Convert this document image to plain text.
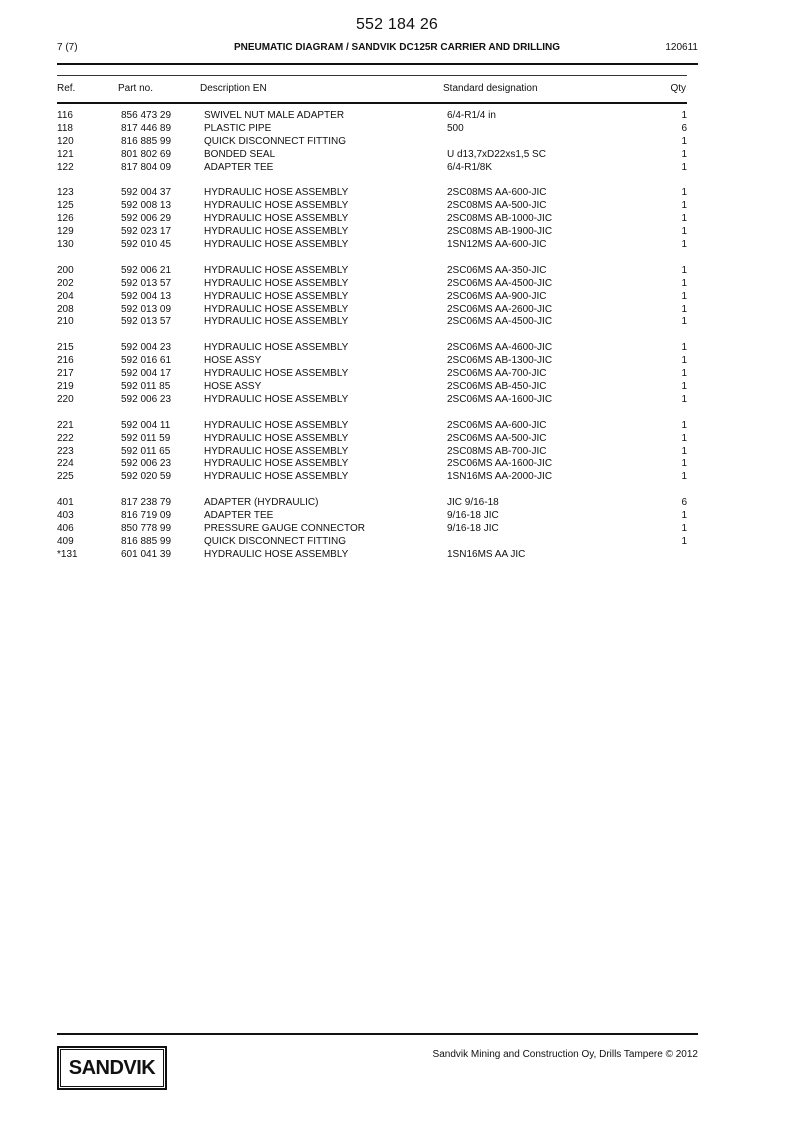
552 184 26
7 (7)	PNEUMATIC DIAGRAM / SANDVIK DC125R CARRIER AND DRILLING	120611
Ref.	Part no.	Description EN	Standard designation	Qty
116	856 473 29	SWIVEL NUT MALE ADAPTER	6/4-R1/4 in	1
118	817 446 89	PLASTIC PIPE	500	6
120	816 885 99	QUICK DISCONNECT FITTING		1
121	801 802 69	BONDED SEAL	U d13,7xD22xs1,5 SC	1
122	817 804 09	ADAPTER TEE	6/4-R1/8K	1

123	592 004 37	HYDRAULIC HOSE ASSEMBLY	2SC08MS AA-600-JIC	1
125	592 008 13	HYDRAULIC HOSE ASSEMBLY	2SC08MS AA-500-JIC	1
126	592 006 29	HYDRAULIC HOSE ASSEMBLY	2SC08MS AB-1000-JIC	1
129	592 023 17	HYDRAULIC HOSE ASSEMBLY	2SC08MS AB-1900-JIC	1
130	592 010 45	HYDRAULIC HOSE ASSEMBLY	1SN12MS AA-600-JIC	1

200	592 006 21	HYDRAULIC HOSE ASSEMBLY	2SC06MS AA-350-JIC	1
202	592 013 57	HYDRAULIC HOSE ASSEMBLY	2SC06MS AA-4500-JIC	1
204	592 004 13	HYDRAULIC HOSE ASSEMBLY	2SC06MS AA-900-JIC	1
208	592 013 09	HYDRAULIC HOSE ASSEMBLY	2SC06MS AA-2600-JIC	1
210	592 013 57	HYDRAULIC HOSE ASSEMBLY	2SC06MS AA-4500-JIC	1

215	592 004 23	HYDRAULIC HOSE ASSEMBLY	2SC06MS AA-4600-JIC	1
216	592 016 61	HOSE ASSY	2SC06MS AB-1300-JIC	1
217	592 004 17	HYDRAULIC HOSE ASSEMBLY	2SC06MS AA-700-JIC	1
219	592 011 85	HOSE ASSY	2SC06MS AB-450-JIC	1
220	592 006 23	HYDRAULIC HOSE ASSEMBLY	2SC06MS AA-1600-JIC	1

221	592 004 11	HYDRAULIC HOSE ASSEMBLY	2SC06MS AA-600-JIC	1
222	592 011 59	HYDRAULIC HOSE ASSEMBLY	2SC06MS AA-500-JIC	1
223	592 011 65	HYDRAULIC HOSE ASSEMBLY	2SC08MS AB-700-JIC	1
224	592 006 23	HYDRAULIC HOSE ASSEMBLY	2SC06MS AA-1600-JIC	1
225	592 020 59	HYDRAULIC HOSE ASSEMBLY	1SN16MS AA-2000-JIC	1

401	817 238 79	ADAPTER (HYDRAULIC)	JIC 9/16-18	6
403	816 719 09	ADAPTER TEE	9/16-18 JIC	1
406	850 778 99	PRESSURE GAUGE CONNECTOR	9/16-18 JIC	1
409	816 885 99	QUICK DISCONNECT FITTING		1
*131	601 041 39	HYDRAULIC HOSE ASSEMBLY	1SN16MS AA JIC	
SANDVIK
Sandvik Mining and Construction Oy, Drills Tampere © 2012
